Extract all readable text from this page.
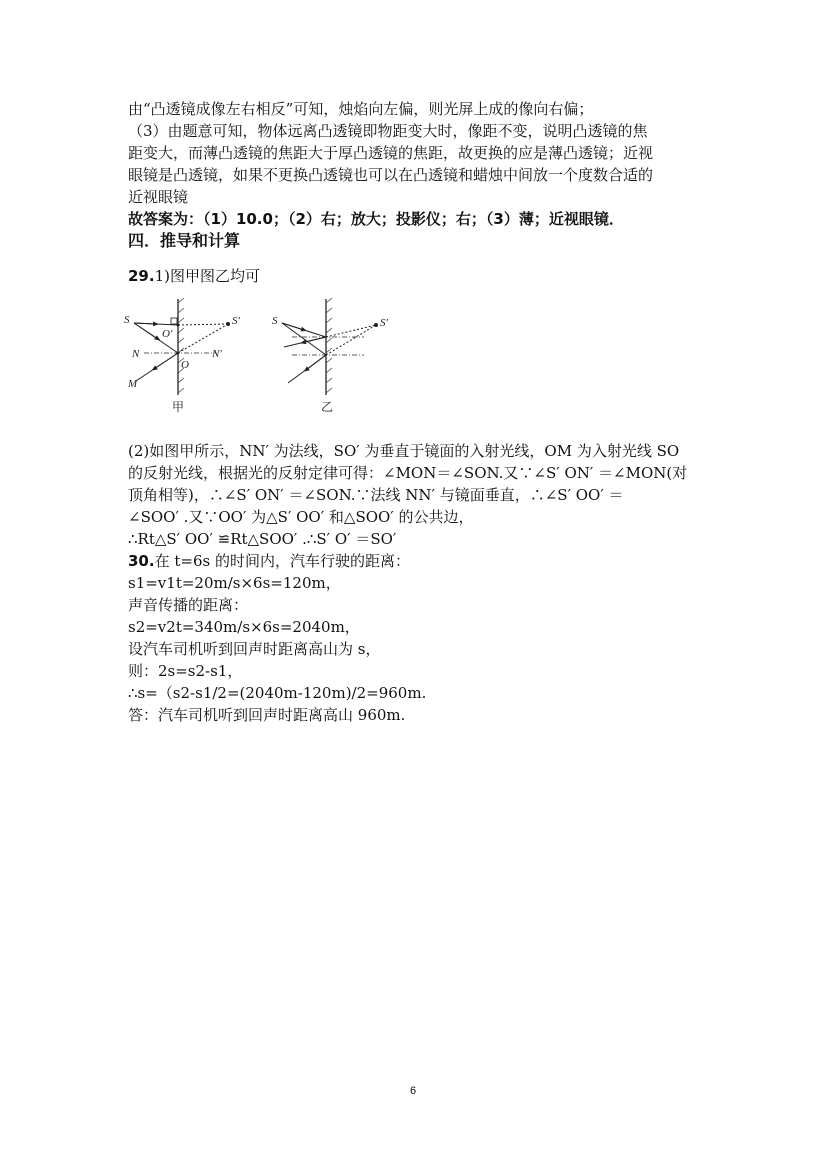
由“凸透镜成像左右相反”可知，烛焰向左偏，则光屏上成的像向右偏；
（3）由题意可知，物体远离凸透镜即物距变大时，像距不变，说明凸透镜的焦
距变大，而薄凸透镜的焦距大于厚凸透镜的焦距，故更换的应是薄凸透镜；近视
眼镜是凸透镜，如果不更换凸透镜也可以在凸透镜和蜡烛中间放一个度数合适的
近视眼镜
故答案为：（1）10.0；（2）右；放大；投影仪；右；（3）薄；近视眼镜．
四．推导和计算
29.1)图甲图乙均可
S	S′
O′
O
N	N′
M
甲
S	S′
乙
(2)如图甲所示，NN′ 为法线，SO′ 为垂直于镜面的入射光线，OM 为入射光线 SO
的反射光线，根据光的反射定律可得：∠MON＝∠SON.又∵∠S′ ON′ ＝∠MON(对
顶角相等)，∴∠S′ ON′ ＝∠SON.∵法线 NN′ 与镜面垂直，∴∠S′ OO′ ＝
∠SOO′ .又∵OO′ 为△S′ OO′ 和△SOO′ 的公共边，
∴Rt△S′ OO′ ≌Rt△SOO′ .∴S′ O′ ＝SO′
30.在 t=6s 的时间内，汽车行驶的距离：
s1=v1t=20m/s×6s=120m，
声音传播的距离：
s2=v2t=340m/s×6s=2040m，
设汽车司机听到回声时距离高山为 s，
则：2s=s2-s1，
∴s=（s2-s1/2=(2040m-120m)/2=960m.
答：汽车司机听到回声时距离高山 960m.
6
